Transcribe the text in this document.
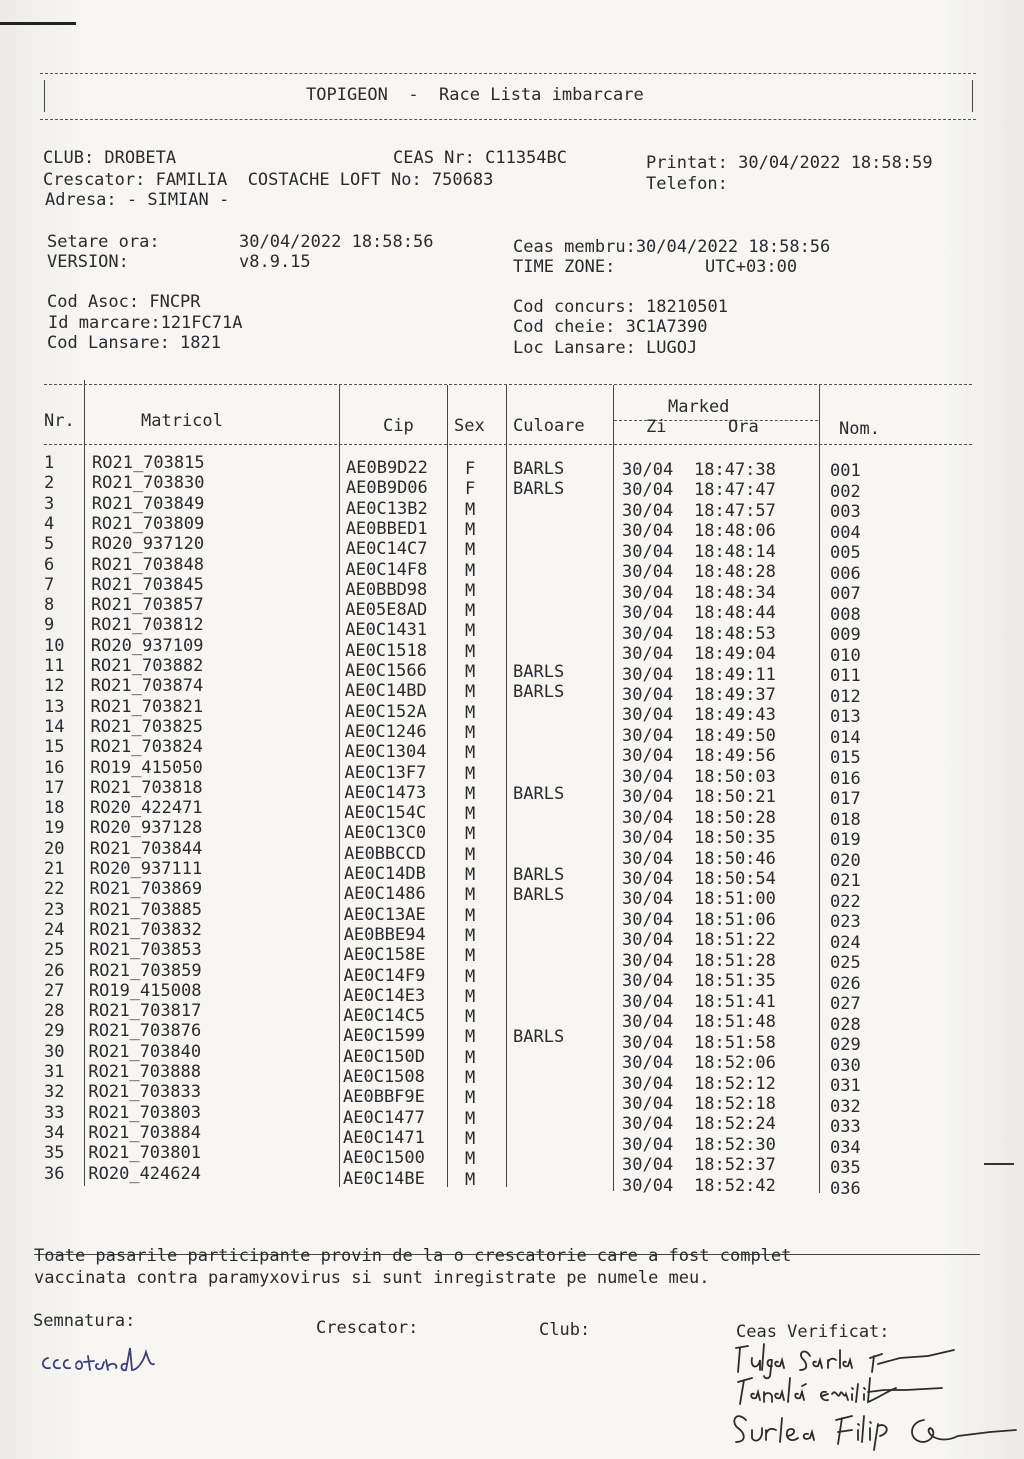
TOPIGEON  -  Race Lista imbarcare
CLUB: DROBETA	CEAS Nr: C11354BC	Printat: 30/04/2022 18:58:59
Crescator: FAMILIA  COSTACHE LOFT No: 750683	Telefon:
Adresa: - SIMIAN -
Setare ora:	30/04/2022 18:58:56	Ceas membru:30/04/2022 18:58:56
VERSION:	v8.9.15	TIME ZONE:	UTC+03:00
Cod Asoc: FNCPR
Id marcare:121FC71A
Cod Lansare: 1821
Cod concurs: 18210501
Cod cheie: 3C1A7390
Loc Lansare: LUGOJ
Nr.	Matricol	Cip Sex Culoare
Marked
Zi	Ora	Nom.
1 RO21_703815	AE0B9D22 F BARLS	30/04 18:47:38	001
2 RO21_703830	AE0B9D06 F BARLS	30/04 18:47:47	002
3 RO21_703849	AE0C13B2 M	30/04 18:47:57	003
4 RO21_703809	AE0BBED1 M	30/04 18:48:06	004
5 RO20_937120	AE0C14C7 M	30/04 18:48:14	005
6 RO21_703848	AE0C14F8 M	30/04 18:48:28	006
7 RO21_703845	AE0BBD98 M	30/04 18:48:34	007
8 RO21_703857	AE05E8AD M	30/04 18:48:44	008
9 RO21_703812	AE0C1431 M	30/04 18:48:53	009
10 RO20_937109	AE0C1518 M	30/04 18:49:04	010
11 RO21_703882	AE0C1566 M BARLS	30/04 18:49:11	011
12 RO21_703874	AE0C14BD M BARLS	30/04 18:49:37	012
13 RO21_703821	AE0C152A M	30/04 18:49:43	013
14 RO21_703825	AE0C1246 M	30/04 18:49:50	014
15 RO21_703824	AE0C1304 M	30/04 18:49:56	015
16 RO19_415050	AE0C13F7 M	30/04 18:50:03	016
17 RO21_703818	AE0C1473 M BARLS	30/04 18:50:21	017
18 RO20_422471	AE0C154C M	30/04 18:50:28	018
19 RO20_937128	AE0C13C0 M	30/04 18:50:35	019
20 RO21_703844	AE0BBCCD M	30/04 18:50:46	020
21 RO20_937111	AE0C14DB M BARLS	30/04 18:50:54	021
22 RO21_703869	AE0C1486 M BARLS	30/04 18:51:00	022
23 RO21_703885	AE0C13AE M	30/04 18:51:06	023
24 RO21_703832	AE0BBE94 M	30/04 18:51:22	024
25 RO21_703853	AE0C158E M	30/04 18:51:28	025
26 RO21_703859	AE0C14F9 M	30/04 18:51:35	026
27 RO19_415008	AE0C14E3 M	30/04 18:51:41	027
28 RO21_703817	AE0C14C5 M	30/04 18:51:48	028
29 RO21_703876	AE0C1599 M BARLS	30/04 18:51:58	029
30 RO21_703840	AE0C150D M	30/04 18:52:06	030
31 RO21_703888	AE0C1508 M	30/04 18:52:12	031
32 RO21_703833	AE0BBF9E M	30/04 18:52:18	032
33 RO21_703803	AE0C1477 M	30/04 18:52:24	033
34 RO21_703884	AE0C1471 M	30/04 18:52:30	034
35 RO21_703801	AE0C1500 M	30/04 18:52:37	035
36 RO20_424624	AE0C14BE M	30/04 18:52:42	036
Toate pasarile participante provin de la o crescatorie care a fost complet
vaccinata contra paramyxovirus si sunt inregistrate pe numele meu.
Semnatura:	Crescator:	Club:	Ceas Verificat:
